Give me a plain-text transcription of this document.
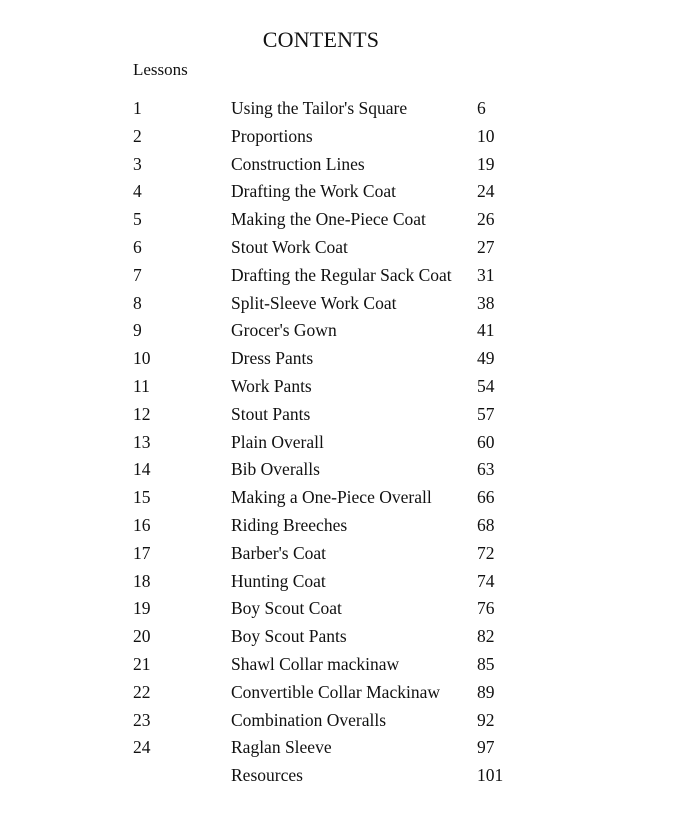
CONTENTS
Lessons
1	Using the Tailor's Square	6
2	Proportions	10
3	Construction Lines	19
4	Drafting the Work Coat	24
5	Making the One-Piece Coat	26
6	Stout Work Coat	27
7	Drafting the Regular Sack Coat 31
8	Split-Sleeve Work Coat	38
9	Grocer's Gown	41
10	Dress Pants	49
11	Work Pants	54
12	Stout Pants	57
13	Plain Overall	60
14	Bib Overalls	63
15	Making a One-Piece Overall	66
16	Riding Breeches	68
17	Barber's Coat	72
18	Hunting Coat	74
19	Boy Scout Coat	76
20	Boy Scout Pants	82
21	Shawl Collar mackinaw	85
22	Convertible Collar Mackinaw 89
23	Combination Overalls	92
24	Raglan Sleeve	97
Resources	101
